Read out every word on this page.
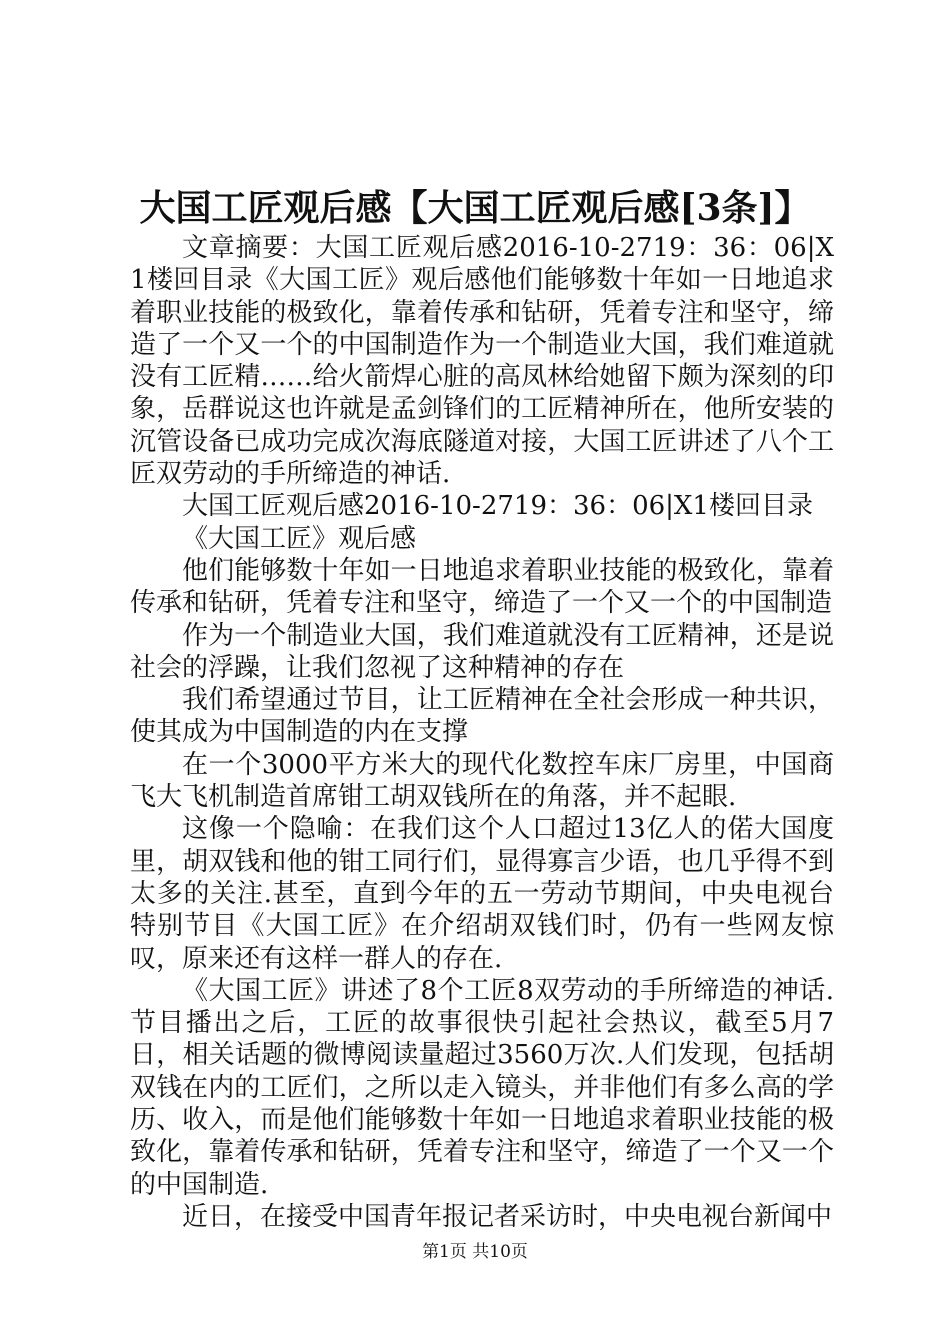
大国工匠观后感【大国工匠观后感[3条]】

文章摘要：大国工匠观后感2016-10-2719：36：06|X1楼回目录《大国工匠》观后感他们能够数十年如一日地追求着职业技能的极致化，靠着传承和钻研，凭着专注和坚守，缔造了一个又一个的中国制造作为一个制造业大国，我们难道就没有工匠精……给火箭焊心脏的高凤林给她留下颇为深刻的印象，岳群说这也许就是孟剑锋们的工匠精神所在，他所安装的沉管设备已成功完成次海底隧道对接，大国工匠讲述了八个工匠双劳动的手所缔造的神话.

大国工匠观后感2016-10-2719：36：06|X1楼回目录

《大国工匠》观后感

他们能够数十年如一日地追求着职业技能的极致化，靠着传承和钻研，凭着专注和坚守，缔造了一个又一个的中国制造

作为一个制造业大国，我们难道就没有工匠精神，还是说社会的浮躁，让我们忽视了这种精神的存在

我们希望通过节目，让工匠精神在全社会形成一种共识，使其成为中国制造的内在支撑

在一个3000平方米大的现代化数控车床厂房里，中国商飞大飞机制造首席钳工胡双钱所在的角落，并不起眼.

这像一个隐喻：在我们这个人口超过13亿人的偌大国度里，胡双钱和他的钳工同行们，显得寡言少语，也几乎得不到太多的关注.甚至，直到今年的五一劳动节期间，中央电视台特别节目《大国工匠》在介绍胡双钱们时，仍有一些网友惊叹，原来还有这样一群人的存在.

《大国工匠》讲述了8个工匠8双劳动的手所缔造的神话.节目播出之后，工匠的故事很快引起社会热议，截至5月7日，相关话题的微博阅读量超过3560万次.人们发现，包括胡双钱在内的工匠们，之所以走入镜头，并非他们有多么高的学历、收入，而是他们能够数十年如一日地追求着职业技能的极致化，靠着传承和钻研，凭着专注和坚守，缔造了一个又一个的中国制造.

近日，在接受中国青年报记者采访时，中央电视台新闻中

第1页 共10页
